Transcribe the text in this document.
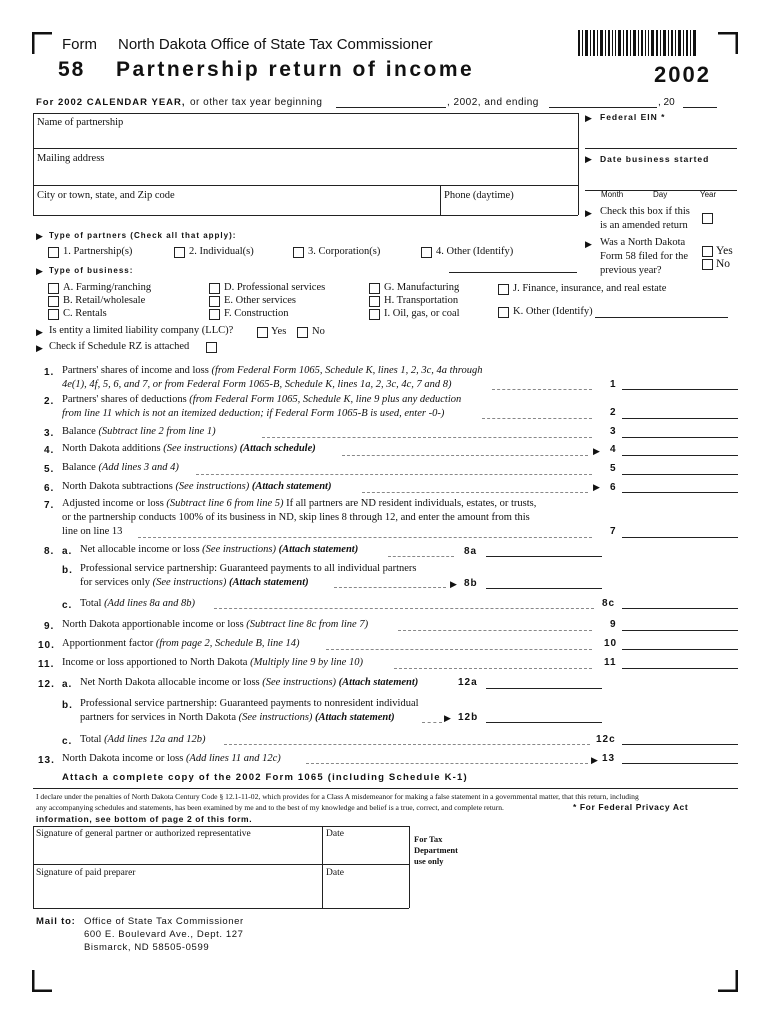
Form North Dakota Office of State Tax Commissioner
58 Partnership return of income	2002
For 2002 CALENDAR YEAR, or other tax year beginning	, 2002, and ending	, 20
Name of partnership
Mailing address
City or town, state, and Zip code	Phone (daytime)
▶ Federal EIN *
▶ Date business started
Month	Day	Year
▶ Check this box if this
is an amended return
▶ Was a North Dakota
Form 58 filed for the
previous year?
Yes
No
▶ Type of partners (Check all that apply):
1. Partnership(s)	2. Individual(s)	3. Corporation(s)	4. Other (Identify)
▶ Type of business:
A. Farming/ranching
B. Retail/wholesale
C. Rentals
D. Professional services
E. Other services
F. Construction
G. Manufacturing
H. Transportation
I. Oil, gas, or coal
J. Finance, insurance, and real estate
K. Other (Identify)
▶ Is entity a limited liability company (LLC)?	Yes No
▶ Check if Schedule RZ is attached
1. Partners' shares of income and loss (from Federal Form 1065, Schedule K, lines 1, 2, 3c, 4a through
4e(1), 4f, 5, 6, and 7, or from Federal Form 1065-B, Schedule K, lines 1a, 2, 3c, 4c, 7 and 8)	1
2. Partners' shares of deductions (from Federal Form 1065, Schedule K, line 9 plus any deduction
from line 11 which is not an itemized deduction; if Federal Form 1065-B is used, enter -0-)	2
3. Balance (Subtract line 2 from line 1)	3
4. North Dakota additions (See instructions) (Attach schedule)	▶ 4
5. Balance (Add lines 3 and 4)	5
6. North Dakota subtractions (See instructions) (Attach statement)	▶ 6
7. Adjusted income or loss (Subtract line 6 from line 5) If all partners are ND resident individuals, estates, or trusts,
or the partnership conducts 100% of its business in ND, skip lines 8 through 12, and enter the amount from this
line on line 13	7
8. a. Net allocable income or loss (See instructions) (Attach statement)	8a
b. Professional service partnership: Guaranteed payments to all individual partners
for services only (See instructions) (Attach statement)	▶ 8b
c. Total (Add lines 8a and 8b)	8c
9. North Dakota apportionable income or loss (Subtract line 8c from line 7)	9
10. Apportionment factor (from page 2, Schedule B, line 14)	10
11. Income or loss apportioned to North Dakota (Multiply line 9 by line 10)	11
12. a. Net North Dakota allocable income or loss (See instructions) (Attach statement)	12a
b. Professional service partnership: Guaranteed payments to nonresident individual
partners for services in North Dakota (See instructions) (Attach statement)	▶ 12b
c. Total (Add lines 12a and 12b)	12c
13. North Dakota income or loss (Add lines 11 and 12c)	▶ 13
Attach a complete copy of the 2002 Form 1065 (including Schedule K-1)
I declare under the penalties of North Dakota Century Code § 12.1-11-02, which provides for a Class A misdemeanor for making a false statement in a governmental matter, that this return, including
any accompanying schedules and statements, has been examined by me and to the best of my knowledge and belief is a true, correct, and complete return.	* For Federal Privacy Act
information, see bottom of page 2 of this form.
Signature of general partner or authorized representative	Date
Signature of paid preparer	Date
For Tax
Department
use only
Mail to: Office of State Tax Commissioner
600 E. Boulevard Ave., Dept. 127
Bismarck, ND 58505-0599
